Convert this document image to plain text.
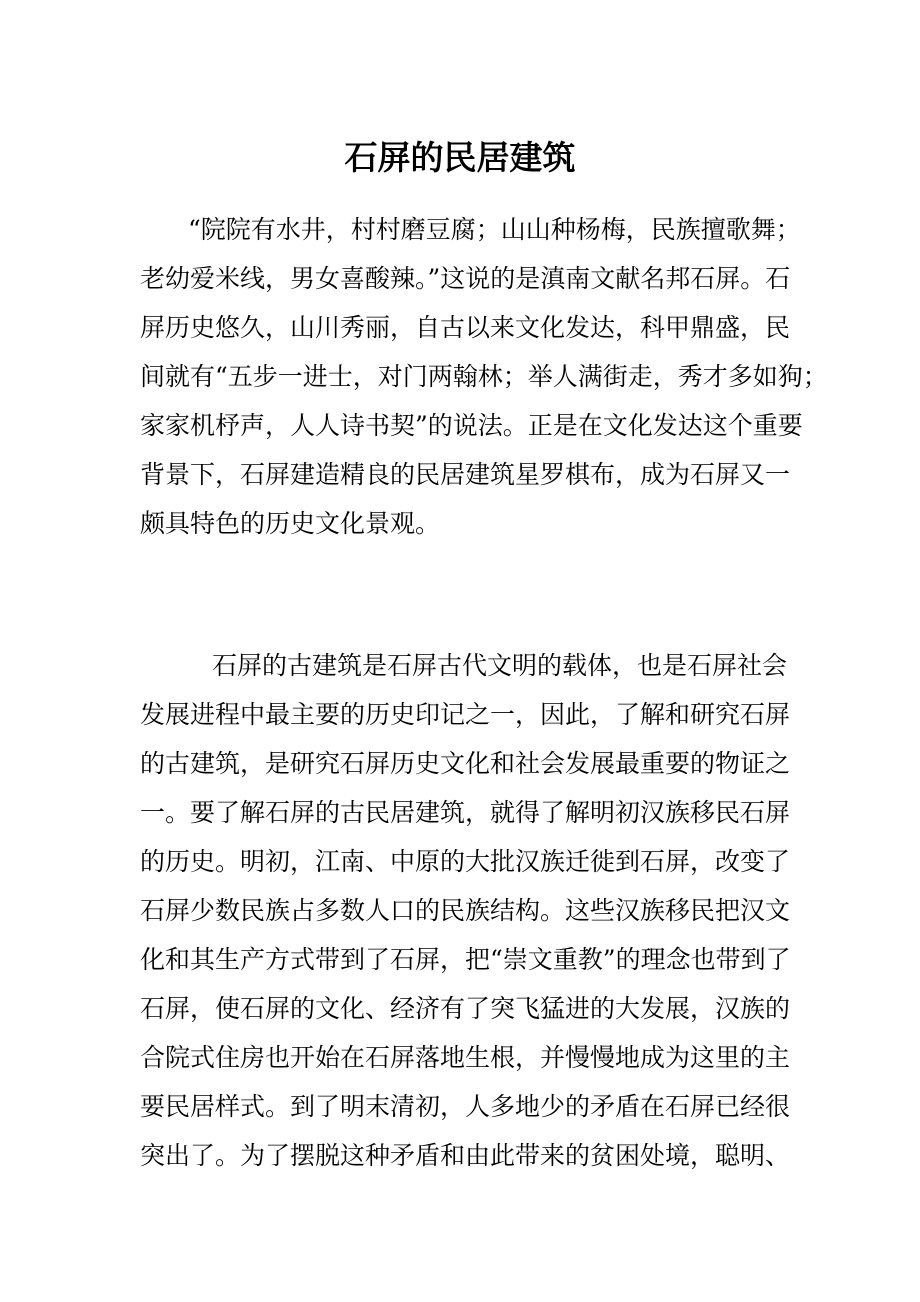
石屏的民居建筑
“院院有水井，村村磨豆腐；山山种杨梅，民族擅歌舞；
老幼爱米线，男女喜酸辣。”这说的是滇南文献名邦石屏。石
屏历史悠久，山川秀丽，自古以来文化发达，科甲鼎盛，民
间就有“五步一进士，对门两翰林；举人满街走，秀才多如狗；
家家机杼声，人人诗书契”的说法。正是在文化发达这个重要
背景下，石屏建造精良的民居建筑星罗棋布，成为石屏又一
颇具特色的历史文化景观。
石屏的古建筑是石屏古代文明的载体，也是石屏社会
发展进程中最主要的历史印记之一，因此，了解和研究石屏
的古建筑，是研究石屏历史文化和社会发展最重要的物证之
一。要了解石屏的古民居建筑，就得了解明初汉族移民石屏
的历史。明初，江南、中原的大批汉族迁徙到石屏，改变了
石屏少数民族占多数人口的民族结构。这些汉族移民把汉文
化和其生产方式带到了石屏，把“崇文重教”的理念也带到了
石屏，使石屏的文化、经济有了突飞猛进的大发展，汉族的
合院式住房也开始在石屏落地生根，并慢慢地成为这里的主
要民居样式。到了明末清初，人多地少的矛盾在石屏已经很
突出了。为了摆脱这种矛盾和由此带来的贫困处境，聪明、
